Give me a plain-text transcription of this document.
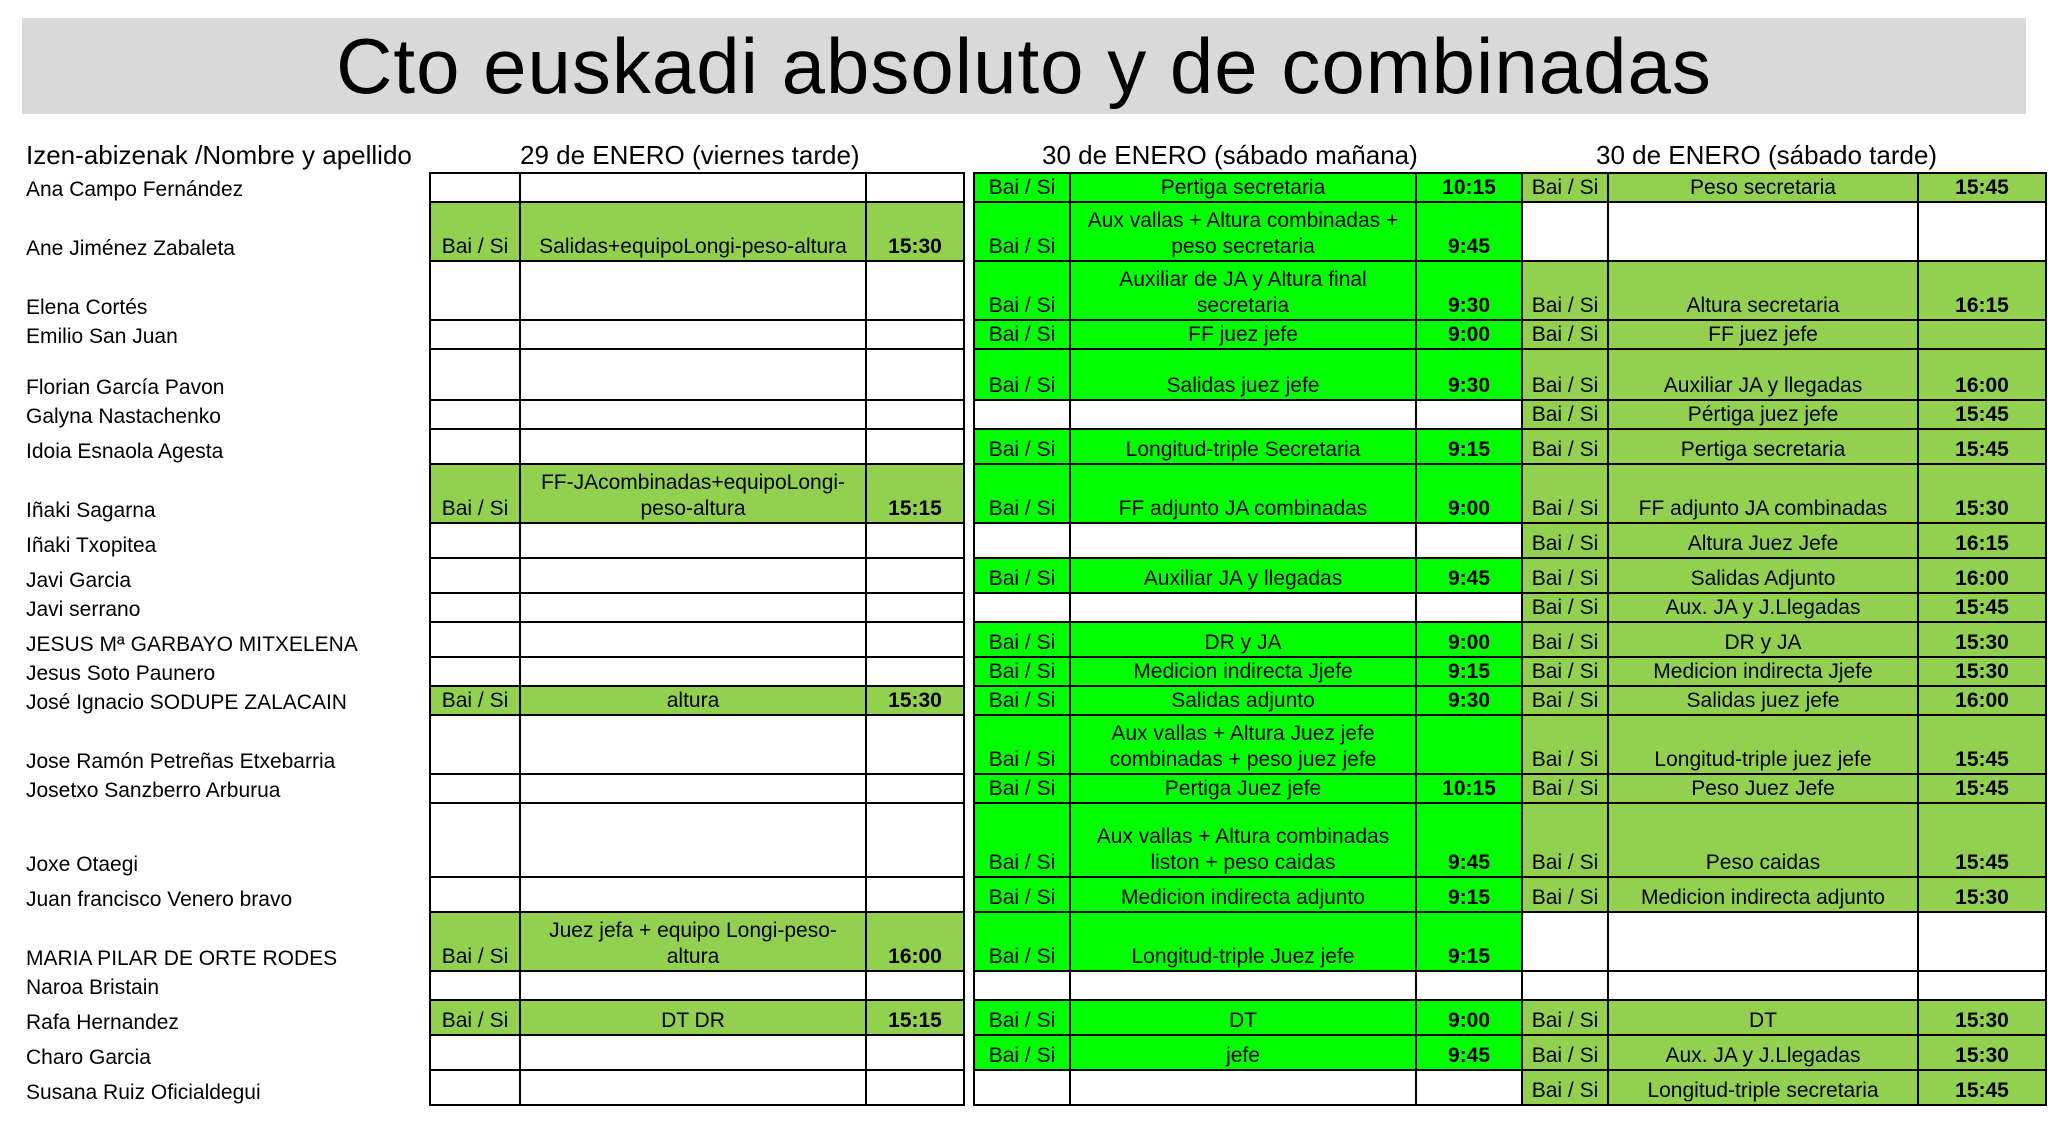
Cto euskadi absoluto y de combinadas
Izen-abizenak /Nombre y apellido	29 de ENERO (viernes tarde)	30 de ENERO (sábado mañana)	30 de ENERO (sábado tarde)
Ana Campo Fernández					Bai / Si	Pertiga secretaria	10:15	Bai / Si	Peso secretaria	15:45
Ane Jiménez Zabaleta	Bai / Si	Salidas+equipoLongi-peso-altura	15:30		Bai / Si	Aux vallas + Altura combinadas + peso secretaria	9:45			
Elena Cortés					Bai / Si	Auxiliar de JA y Altura final secretaria	9:30	Bai / Si	Altura secretaria	16:15
Emilio San Juan					Bai / Si	FF juez jefe	9:00	Bai / Si	FF juez jefe	
Florian García Pavon					Bai / Si	Salidas juez jefe	9:30	Bai / Si	Auxiliar JA y llegadas	16:00
Galyna Nastachenko								Bai / Si	Pértiga juez jefe	15:45
Idoia Esnaola Agesta					Bai / Si	Longitud-triple Secretaria	9:15	Bai / Si	Pertiga secretaria	15:45
Iñaki Sagarna	Bai / Si	FF-JAcombinadas+equipoLongi-peso-altura	15:15		Bai / Si	FF adjunto JA combinadas	9:00	Bai / Si	FF adjunto JA combinadas	15:30
Iñaki Txopitea								Bai / Si	Altura Juez Jefe	16:15
Javi Garcia					Bai / Si	Auxiliar JA y llegadas	9:45	Bai / Si	Salidas Adjunto	16:00
Javi serrano								Bai / Si	Aux. JA y J.Llegadas	15:45
JESUS Mª GARBAYO MITXELENA					Bai / Si	DR y JA	9:00	Bai / Si	DR y JA	15:30
Jesus Soto Paunero					Bai / Si	Medicion indirecta Jjefe	9:15	Bai / Si	Medicion indirecta Jjefe	15:30
José Ignacio SODUPE ZALACAIN	Bai / Si	altura	15:30		Bai / Si	Salidas adjunto	9:30	Bai / Si	Salidas juez jefe	16:00
Jose Ramón Petreñas Etxebarria					Bai / Si	Aux vallas + Altura Juez jefe combinadas + peso juez jefe		Bai / Si	Longitud-triple juez jefe	15:45
Josetxo Sanzberro Arburua					Bai / Si	Pertiga Juez jefe	10:15	Bai / Si	Peso Juez Jefe	15:45
Joxe Otaegi					Bai / Si	Aux vallas + Altura combinadas liston + peso caidas	9:45	Bai / Si	Peso caidas	15:45
Juan francisco Venero bravo					Bai / Si	Medicion indirecta adjunto	9:15	Bai / Si	Medicion indirecta adjunto	15:30
MARIA PILAR DE ORTE RODES	Bai / Si	Juez jefa + equipo Longi-peso-altura	16:00		Bai / Si	Longitud-triple Juez jefe	9:15			
Naroa Bristain										
Rafa Hernandez	Bai / Si	DT DR	15:15		Bai / Si	DT	9:00	Bai / Si	DT	15:30
Charo Garcia					Bai / Si	jefe	9:45	Bai / Si	Aux. JA y J.Llegadas	15:30
Susana Ruiz Oficialdegui								Bai / Si	Longitud-triple secretaria	15:45
